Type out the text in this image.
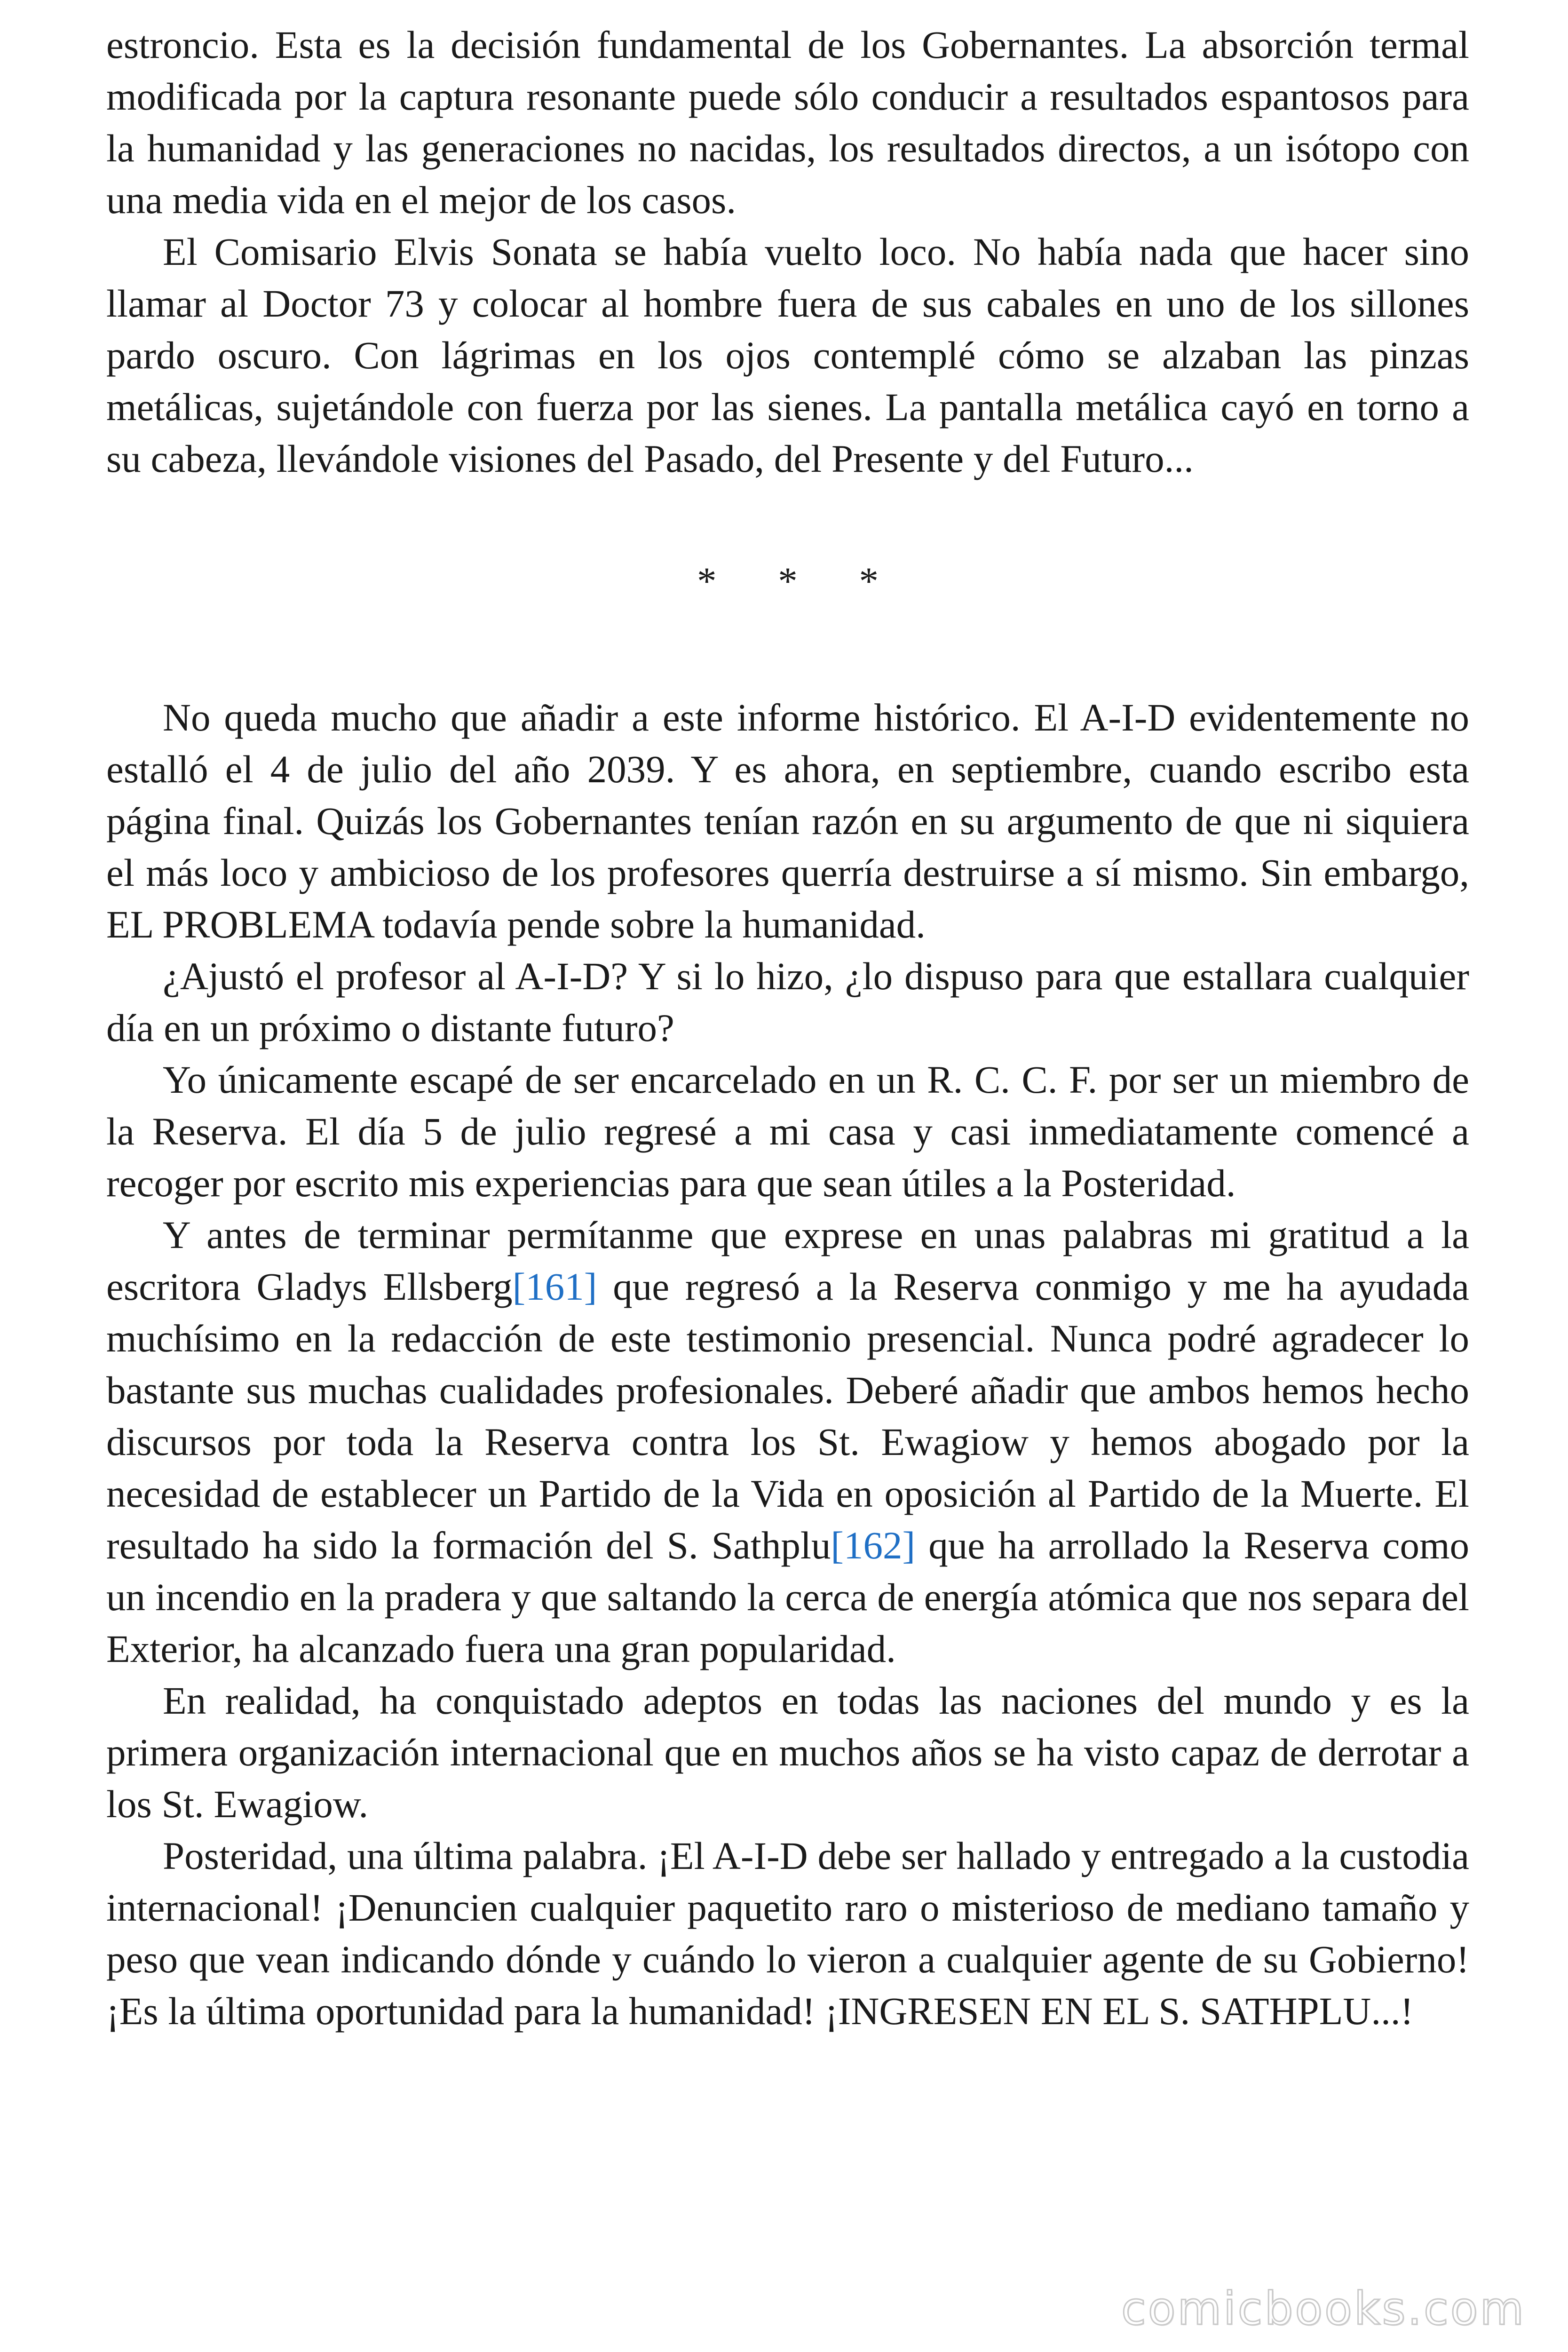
estroncio. Esta es la decisión fundamental de los Gobernantes. La absorción termal modificada por la captura resonante puede sólo conducir a resultados espantosos para la humanidad y las generaciones no nacidas, los resultados directos, a un isótopo con una media vida en el mejor de los casos.

El Comisario Elvis Sonata se había vuelto loco. No había nada que hacer sino llamar al Doctor 73 y colocar al hombre fuera de sus cabales en uno de los sillones pardo oscuro. Con lágrimas en los ojos contemplé cómo se alzaban las pinzas metálicas, sujetándole con fuerza por las sienes. La pantalla metálica cayó en torno a su cabeza, llevándole visiones del Pasado, del Presente y del Futuro...

* * *

No queda mucho que añadir a este informe histórico. El A-I-D evidentemente no estalló el 4 de julio del año 2039. Y es ahora, en septiembre, cuando escribo esta página final. Quizás los Gobernantes tenían razón en su argumento de que ni siquiera el más loco y ambicioso de los profesores querría destruirse a sí mismo. Sin embargo, EL PROBLEMA todavía pende sobre la humanidad.

¿Ajustó el profesor al A-I-D? Y si lo hizo, ¿lo dispuso para que estallara cualquier día en un próximo o distante futuro?

Yo únicamente escapé de ser encarcelado en un R. C. C. F. por ser un miembro de la Reserva. El día 5 de julio regresé a mi casa y casi inmediatamente comencé a recoger por escrito mis experiencias para que sean útiles a la Posteridad.

Y antes de terminar permítanme que exprese en unas palabras mi gratitud a la escritora Gladys Ellsberg[161] que regresó a la Reserva conmigo y me ha ayudada muchísimo en la redacción de este testimonio presencial. Nunca podré agradecer lo bastante sus muchas cualidades profesionales. Deberé añadir que ambos hemos hecho discursos por toda la Reserva contra los St. Ewagiow y hemos abogado por la necesidad de establecer un Partido de la Vida en oposición al Partido de la Muerte. El resultado ha sido la formación del S. Sathplu[162] que ha arrollado la Reserva como un incendio en la pradera y que saltando la cerca de energía atómica que nos separa del Exterior, ha alcanzado fuera una gran popularidad.

En realidad, ha conquistado adeptos en todas las naciones del mundo y es la primera organización internacional que en muchos años se ha visto capaz de derrotar a los St. Ewagiow.

Posteridad, una última palabra. ¡El A-I-D debe ser hallado y entregado a la custodia internacional! ¡Denuncien cualquier paquetito raro o misterioso de mediano tamaño y peso que vean indicando dónde y cuándo lo vieron a cualquier agente de su Gobierno! ¡Es la última oportunidad para la humanidad! ¡INGRESEN EN EL S. SATHPLU...!

comicbooks.com
